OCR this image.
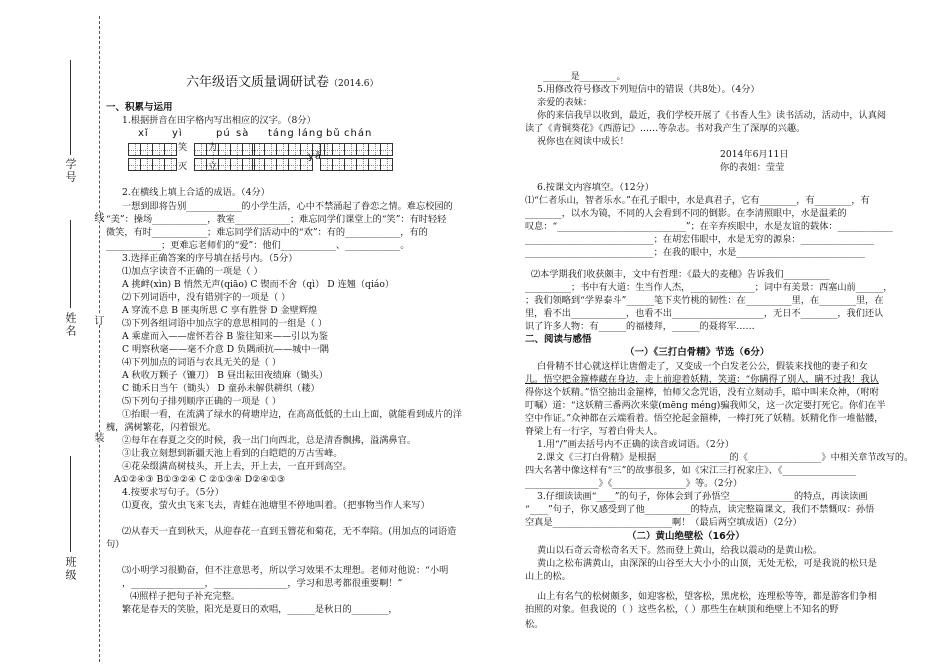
学号
姓名
班级
线
订
装
六年级语文质量调研试卷（2014.6）
一、积累与运用
1.根据拼音在田字格内写出相应的汉字。（8分）
xǐ yì	pú sà táng láng bǔ chán
笑 力
灭 立
yǎ
2.在横线上填上合适的成语。（4分）
一想到即将告别____________的小学生活，心中不禁涌起了眷恋之情。难忘校园的
“美”：操场____________，教室____________；难忘同学们课堂上的“笑”：有时轻轻
微笑，有时____________；难忘同学们活动中的“欢”：有的____________，有的
____________；更难忘老师们的“爱”：他们____________、____________。
3.选择正确答案的序号填在括号内。（5分）
⑴加点字读音不正确的一项是（ ）
A 挑衅(xìn) B 悄然无声(qiāo) C 锲而不舍（qì） D 连翘（qiáo）
⑵下列词语中，没有错别字的一项是（ ）
A 穿流不息 B 匪夷所思 C 享有胜誉 D 金壁辉煌
⑶下列各组词语中加点字的意思相同的一组是（ ）
A 乘虚而入——虚怀若谷 B 鉴往知来——引以为鉴
C 明察秋毫——毫不介意 D 负隅顽抗——城中一隅
⑷下列加点的词语与农具无关的是（ ）
A 秋收万颗子（镰刀） B 昼出耘田夜绩麻（锄头）
C 锄禾日当午（锄头） D 童孙未解供耕织（耧）
⑸下列句子排列顺序正确的一项是（ ）
①抬眼一看，在流满了绿水的荷塘岸边，在高高低低的土山上面，就能看到成片的洋
槐，满树繁花，闪着银光。
②每年在春夏之交的时候，我一出门向西北，总是清香飘拂，溢满鼻官。
③让我立刻想到新疆天池上看到的白皑皑的万古雪峰。
④花朵缀满高树枝头，开上去，开上去，一直开到高空。
A①②④③ B①③②④ C ②①③④ D②④①③
4.按要求写句子。（5分）
⑴夏夜，萤火虫飞来飞去，青蛙在池塘里不停地叫着。（把事物当作人来写）
⑵从春天一直到秋天，从迎春花一直到玉簪花和菊花，无不奉陪。(用加点的词语造
句）
⑶小明学习很勤奋，但不注意思考，所以学习效果不太理想。老师对他说：“小明
，________________，________________，学习和思考都很重要啊！”
⑷照样子把句子补充完整。
繁花是春天的笑脸，阳光是夏日的欢唱，______是秋日的________，
______是________。
5.用修改符号修改下列短信中的错误（共8处）。（4分）
亲爱的表妹：
你的来信我早以收到，最近，我们学校开展了《书香人生》读书活动，活动中，认真阅
读了《青铜葵花》《西游记》……等杂志。书对我产生了深厚的兴趣。
祝你也在阅读中成长！
2014年6月11日
你的表姐：莹莹
6.按课文内容填空。（12分）
⑴“仁者乐山，智者乐水。”在孔子眼中，水是真君子，它有________，有________，有
________，以水为镜，不同的人会看到不同的倒影。在李清照眼中，水是温柔的
叹息：“____________________________”；在辛弃疾眼中，水是友谊的载体：____________
____________________________；在胡宏伟眼中，水是无穷的源泉：________________
____________________________；在我的眼中，水是____________________________
⑵本学期我们收获颇丰，文中有哲理：《最大的麦穗》告诉我们__________
__________；书中有大道：生当作人杰，______________；词中有美景：西塞山前______，
；我们领略到“学界泰斗”______笔下夹竹桃的韧性：在__________里，在________里，在
里，看不出____________，也看不出____________________，无日不________，我们还认
识了许多人物：有______的福楼拜，______的聂将军……
二、阅读与感悟
（一）《三打白骨精》节选（6分）
白骨精不甘心就这样让唐僧走了，又变成一个白发老公公，假装来找他的妻子和女
儿。悟空把金箍棒藏在身边，走上前迎着妖精，笑道：“你瞒得了别人，瞒不过我！我认
得你这个妖精。”悟空抽出金箍棒，怕师父念咒语，没有立刻动手，暗中叫来众神，（咐咐
叮嘱）道：“这妖精三番两次来蒙(mēng méng)骗我师父，这一次定要打死它。你们在半
空中作证。”众神都在云端看着。悟空抡起金箍棒，一棒打死了妖精。妖精化作一堆骷髅，
脊梁上有一行字，写着白骨夫人。
1.用“/”画去括号内不正确的读音或词语。（2分）
2.课文《三打白骨精》是根据________________的《________________》中相关章节改写的。
四大名著中像这样有“三”的故事很多，如《宋江三打祝家庄》、《________________
________________》《________________》等。（2分）
3.仔细读读画“____”的句子，你体会到了孙悟空______________的特点，再读读画
“____”句子，你又感受到了他__________的特点，读完整篇课文，我们不禁慨叹：孙悟
空真是__________________________啊！（最后两空填成语）（2分）
（二）黄山绝壁松（16分）
黄山以石奇云奇松奇名天下。然而登上黄山，给我以震动的是黄山松。
黄山之松布满黄山，由深深的山谷至大大小小的山顶，无处无松，可是我说的松只是
山上的松。
山上有名气的松树颇多，如迎客松，望客松，黑虎松，连理松等等，都是游客们争相
拍照的对象。但我说的（ ）这些名松，（ ）那些生在峡顶和绝壁上不知名的野
松。
